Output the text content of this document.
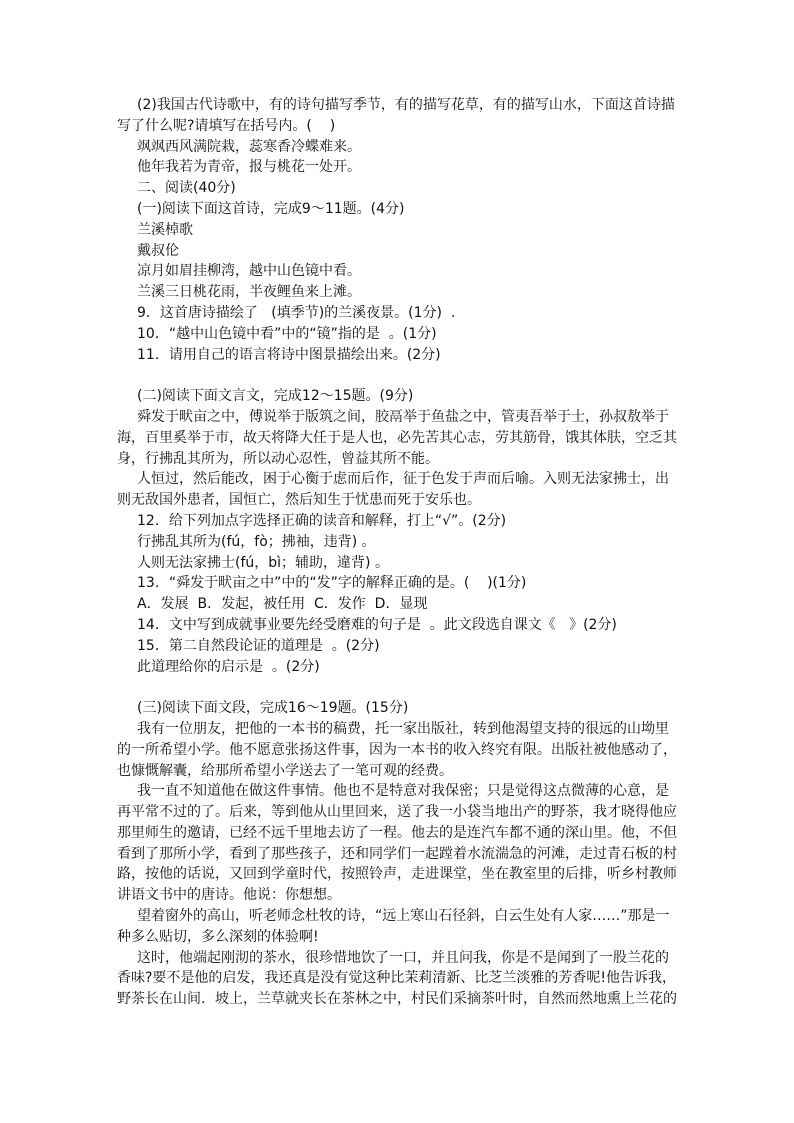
(2)我国古代诗歌中，有的诗句描写季节，有的描写花草，有的描写山水，下面这首诗描
写了什么呢?请填写在括号内。(    )
飒飒西风满院栽，蕊寒香冷蝶难来。
他年我若为青帝，报与桃花一处开。
二、阅读(40分)
(一)阅读下面这首诗，完成9～11题。(4分)
兰溪棹歌
戴叔伦
凉月如眉挂柳湾，越中山色镜中看。
兰溪三日桃花雨，半夜鲤鱼来上滩。
9．这首唐诗描绘了   (填季节)的兰溪夜景。(1分)  .
10．“越中山色镜中看”中的“镜”指的是  。(1分)
11．请用自己的语言将诗中图景描绘出来。(2分)
(二)阅读下面文言文，完成12～15题。(9分)
舜发于畎亩之中，傅说举于版筑之间，胶鬲举于鱼盐之中，管夷吾举于士，孙叔敖举于
海，百里奚举于市，故天将降大任于是人也，必先苦其心志，劳其筋骨，饿其体肤，空乏其
身，行拂乱其所为，所以动心忍性，曾益其所不能。
人恒过，然后能改，困于心衡于虑而后作，征于色发于声而后喻。入则无法家拂士，出
则无敌国外患者，国恒亡，然后知生于忧患而死于安乐也。
12．给下列加点字选择正确的读音和解释，打上“√”。(2分)
行拂乱其所为(fú，fò；拂袖，违背) 。
人则无法家拂士(fú，bì；辅助，違背) 。
13．“舜发于畎亩之中”中的“发”字的解释正确的是。(    )(1分)
A．发展  B．发起，被任用  C．发作  D．显现
14．文中写到成就事业要先经受磨难的句子是  。此文段选自课文《   》(2分)
15．第二自然段论证的道理是  。(2分)
此道理给你的启示是  。(2分)
(三)阅读下面文段，完成16～19题。(15分)
我有一位朋友，把他的一本书的稿费，托一家出版社，转到他渴望支持的很远的山坳里
的一所希望小学。他不愿意张扬这件事，因为一本书的收入终究有限。出版社被他感动了，
也慷慨解囊，给那所希望小学送去了一笔可观的经费。
我一直不知道他在做这件事情。他也不是特意对我保密；只是觉得这点微薄的心意，是
再平常不过的了。后来，等到他从山里回来，送了我一小袋当地出产的野茶，我才晓得他应
那里师生的邀请，已经不远千里地去访了一程。他去的是连汽车都不通的深山里。他，不但
看到了那所小学，看到了那些孩子，还和同学们一起蹚着水流湍急的河滩，走过青石板的村
路，按他的话说，又回到学童时代，按照铃声，走进课堂，坐在教室里的后排，听乡村教师
讲语文书中的唐诗。他说：你想想。
望着窗外的高山，听老师念杜牧的诗，“远上寒山石径斜，白云生处有人家……”那是一
种多么贴切，多么深刻的体验啊!
这时，他端起刚沏的茶水，很珍惜地饮了一口，并且问我，你是不是闻到了一股兰花的
香味?要不是他的启发，我还真是没有觉这种比茉莉清新、比芝兰淡雅的芳香呢!他告诉我，
野茶长在山间．坡上，兰草就夹长在茶林之中，村民们采摘茶叶时，自然而然地熏上兰花的
